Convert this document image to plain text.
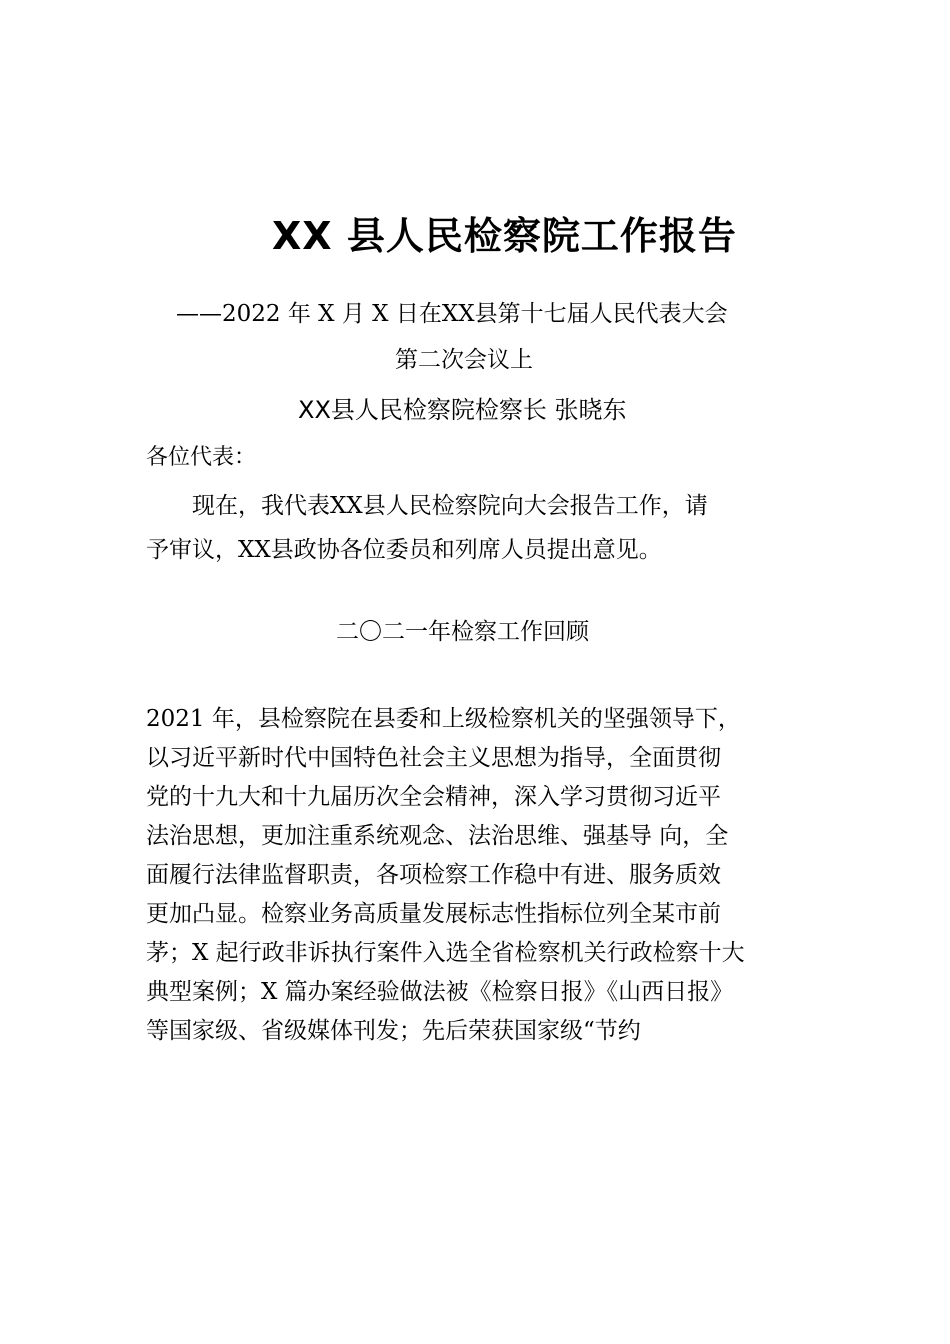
XX 县人民检察院工作报告
——2022 年 X 月 X 日在XX县第十七届人民代表大会
第二次会议上
XX县人民检察院检察长 张晓东
各位代表：
现在，我代表XX县人民检察院向大会报告工作，请
予审议，XX县政协各位委员和列席人员提出意见。
二〇二一年检察工作回顾
2021 年，县检察院在县委和上级检察机关的坚强领导下，
以习近平新时代中国特色社会主义思想为指导，全面贯彻
党的十九大和十九届历次全会精神，深入学习贯彻习近平
法治思想，更加注重系统观念、法治思维、强基导 向，全
面履行法律监督职责，各项检察工作稳中有进、服务质效
更加凸显。检察业务高质量发展标志性指标位列全某市前
茅；X 起行政非诉执行案件入选全省检察机关行政检察十大
典型案例；X 篇办案经验做法被《检察日报》《山西日报》
等国家级、省级媒体刊发；先后荣获国家级“节约
